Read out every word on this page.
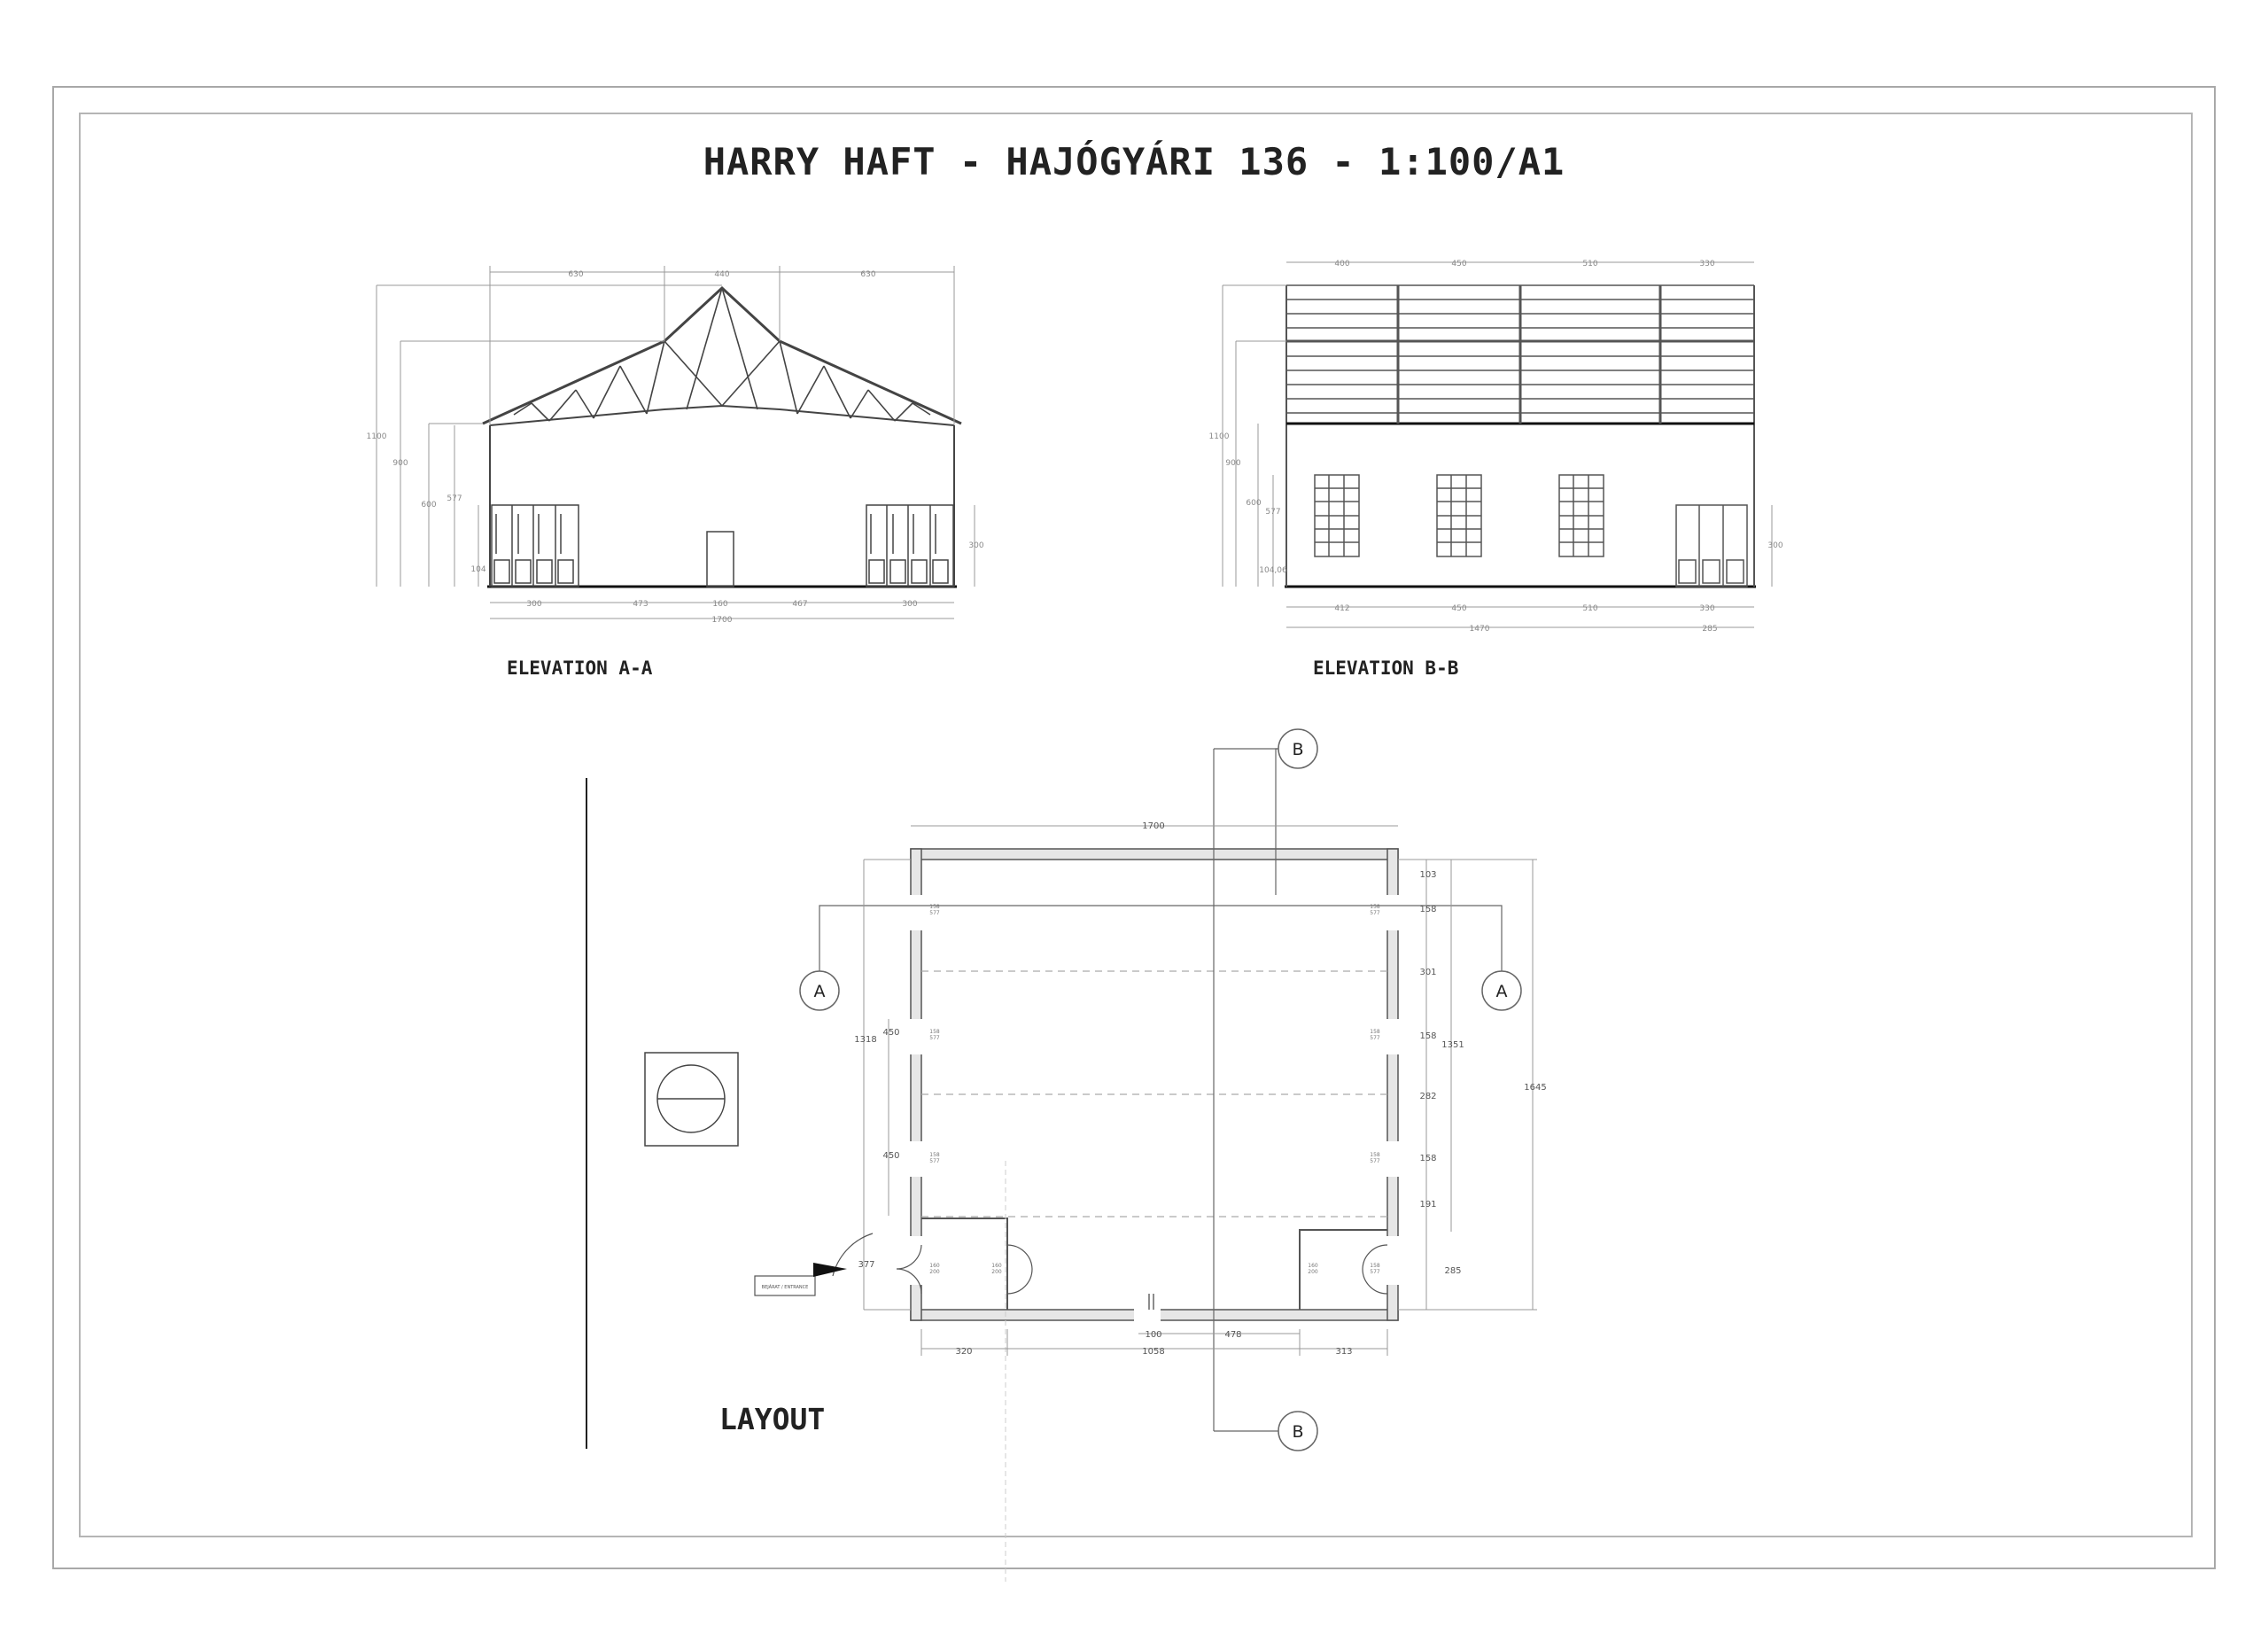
630	440	630
1100
900
600
577
104
300
300	473	160	467	300
1700
400	450	510	330
1100
900
600
577
104,06
300
412	450	510	330
1470	285
A	A
B
B
1700
103
158
301
158
282
158
191
285
1351
1645
1318
450
450
377
320	1058	313
100	478
158
577
158
577
158
577
158
577
158
577
158
577
160
200
160
200
160
200
158
577
BEJÁRAT / ENTRANCE
HARRY HAFT - HAJÓGYÁRI 136 - 1:100/A1
ELEVATION A-A	ELEVATION B-B
LAYOUT
